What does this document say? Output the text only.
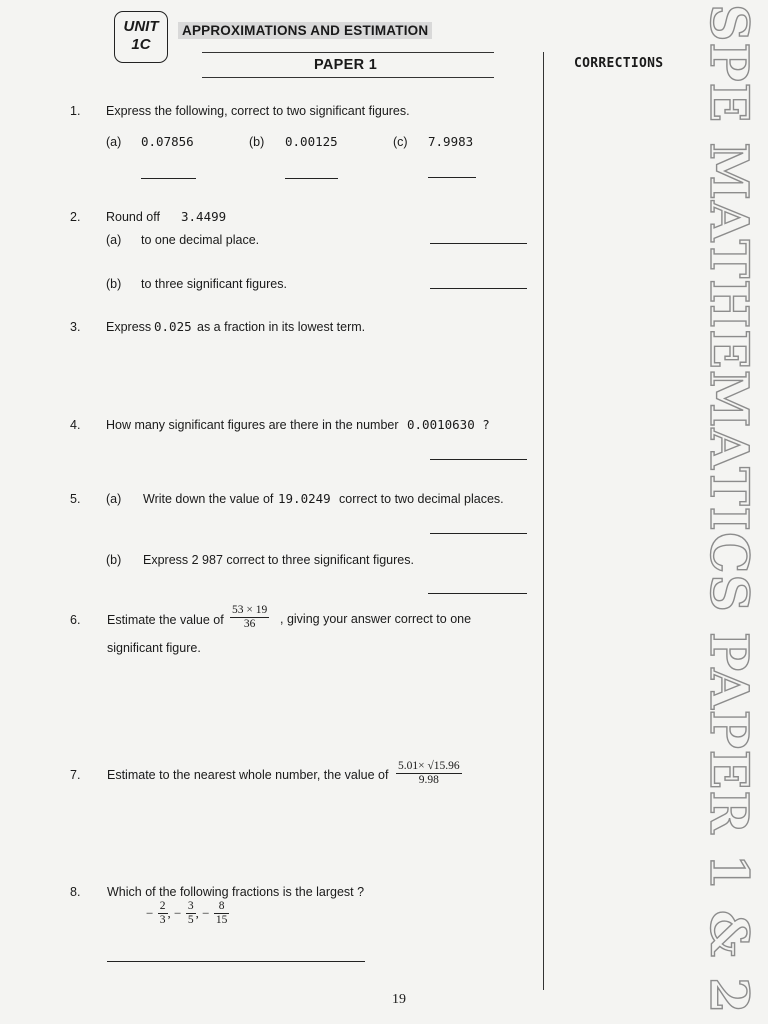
UNIT
1C
APPROXIMATIONS AND ESTIMATION
PAPER 1	CORRECTIONS SPE MATHEMATICS PAPER 1 & 2
1. Express the following, correct to two significant figures.
(a) 0.07856	(b) 0.00125	(c) 7.9983
2. Round off 3.4499
(a) to one decimal place.
(b) to three significant figures.
3. Express 0.025 as a fraction in its lowest term.
4. How many significant figures are there in the number 0.0010630 ?
5. (a) Write down the value of 19.0249 correct to two decimal places.
(b) Express 2 987 correct to three significant figures.
6. Estimate the value of $\frac{53 \times 19}{36}$ , giving your answer correct to one
significant figure.
7. Estimate to the nearest whole number, the value of $\frac{5.01\times √15.96}{9.98}$
8. Which of the following fractions is the largest ?
− $\frac{2}{3}$ , − $\frac{3}{5}$ , − $\frac{8}{15}$
19
